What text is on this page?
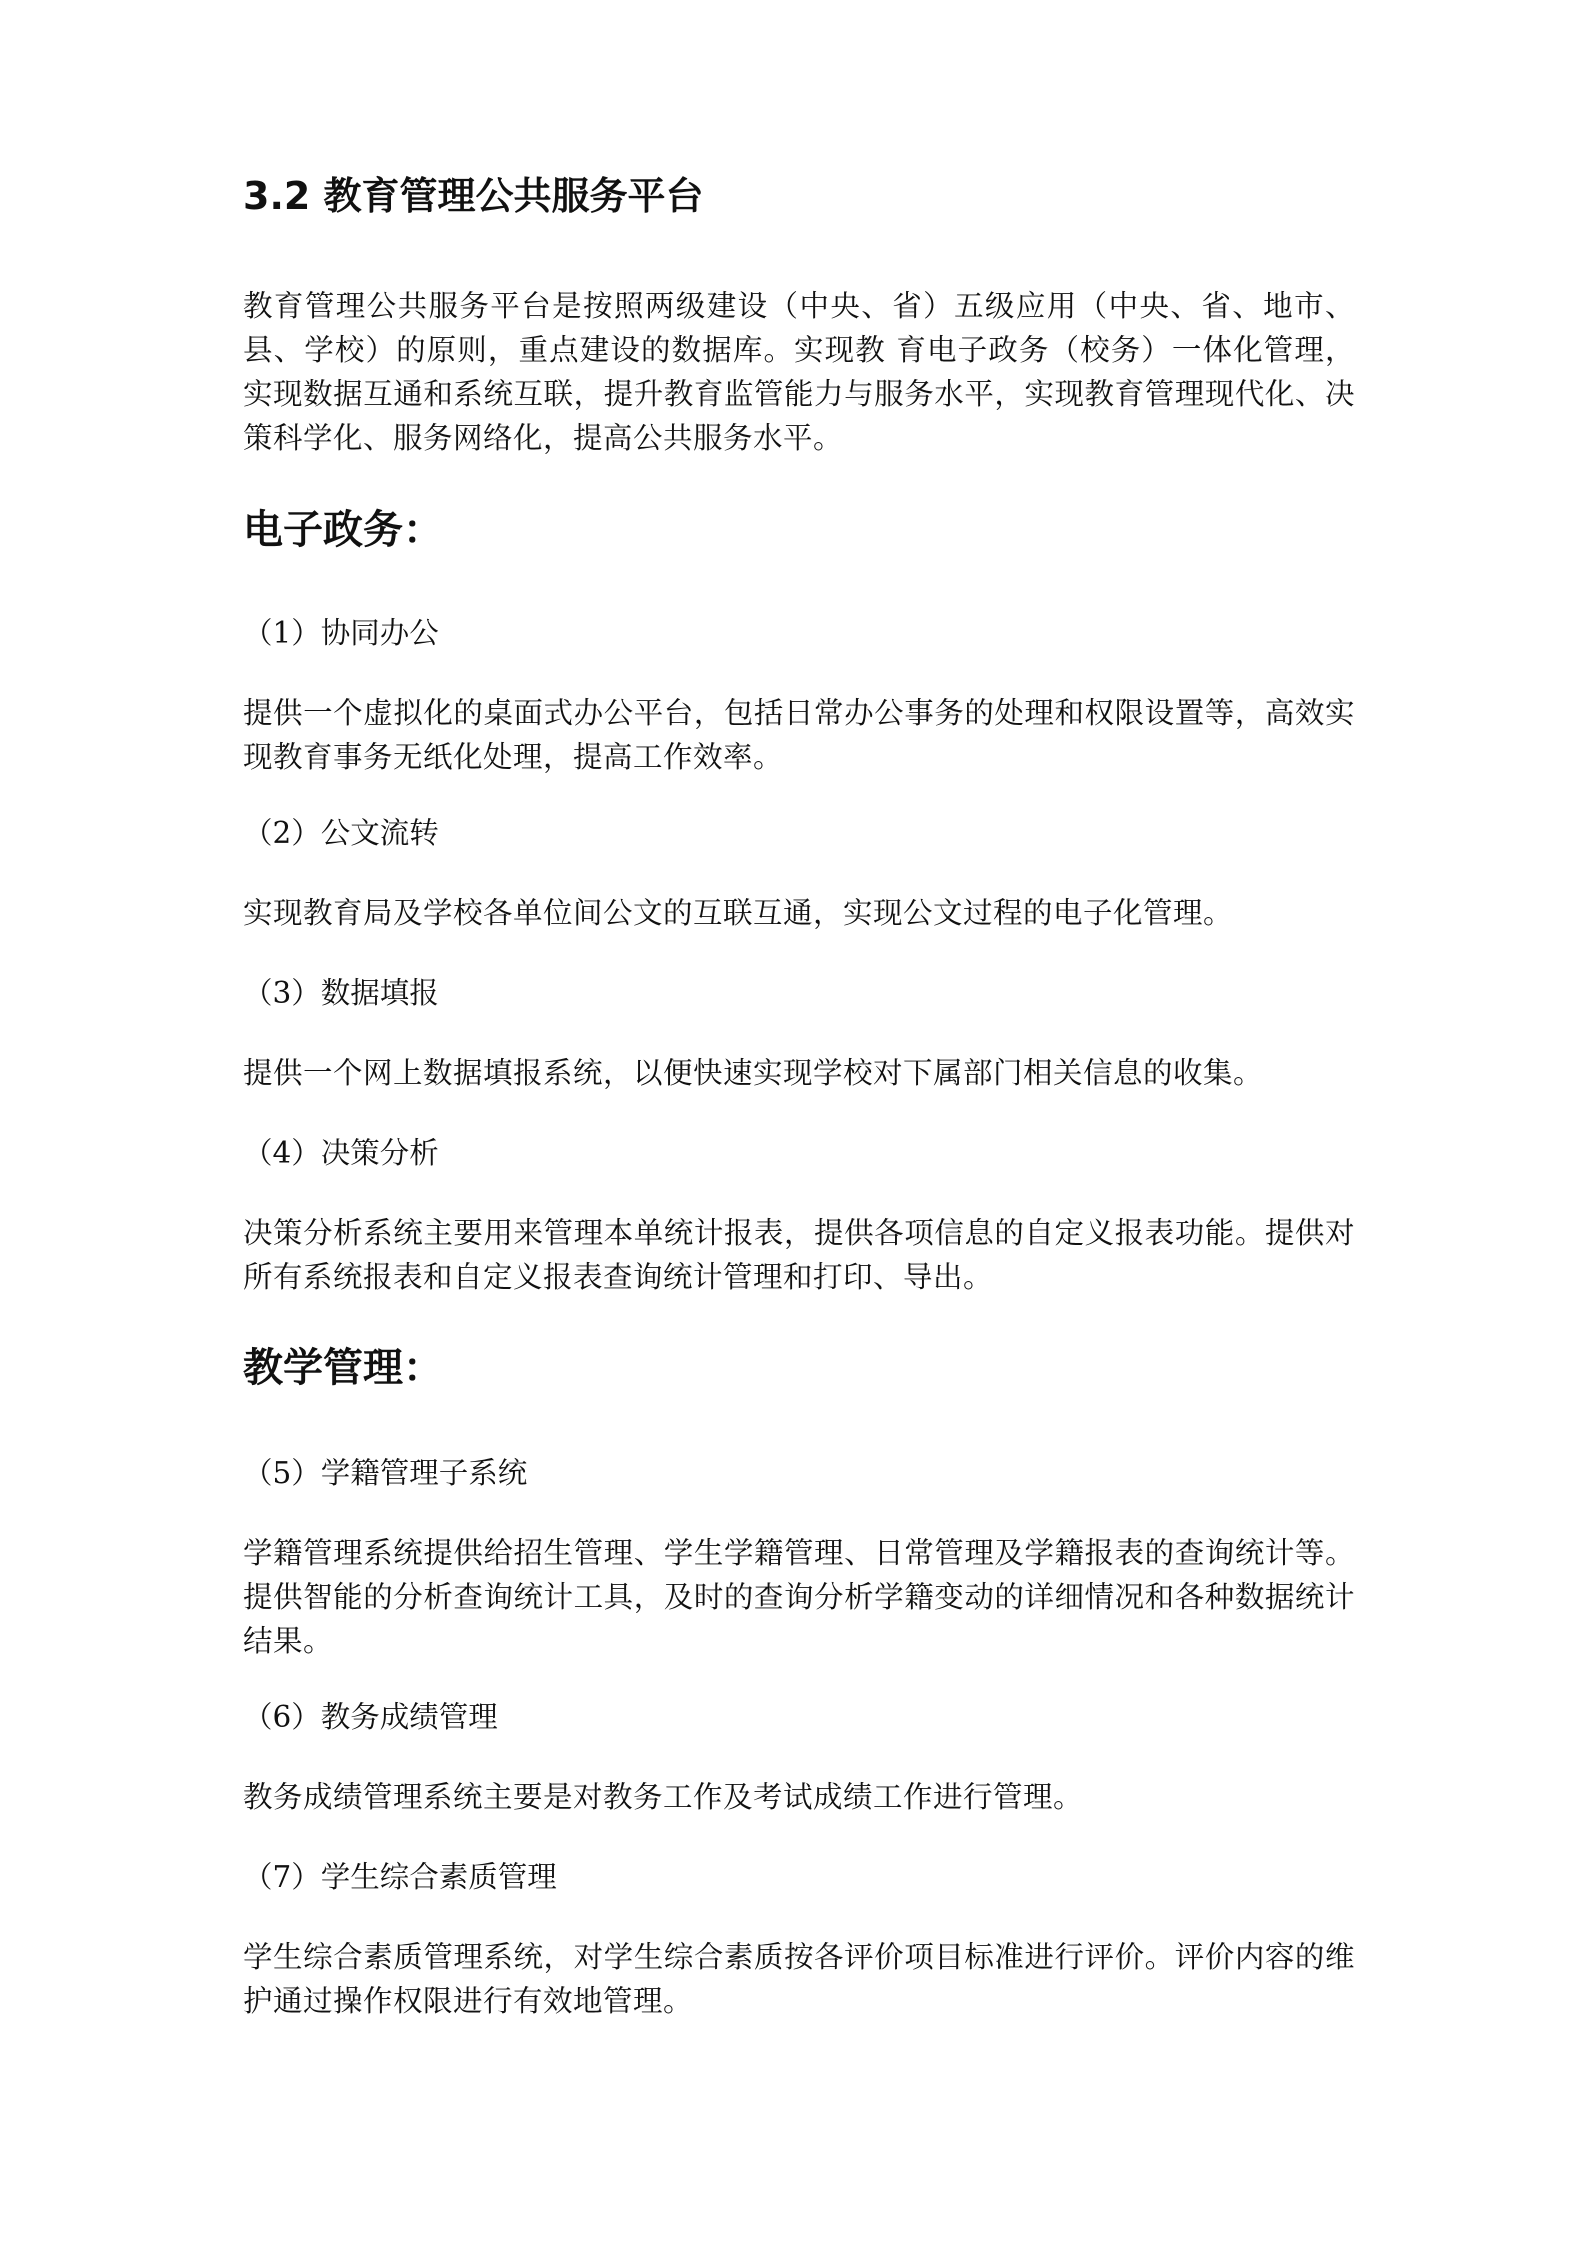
3.2 教育管理公共服务平台

教育管理公共服务平台是按照两级建设（中央、省）五级应用（中央、省、地市、县、学校）的原则，重点建设的数据库。实现教 育电子政务（校务）一体化管理，实现数据互通和系统互联，提升教育监管能力与服务水平，实现教育管理现代化、决策科学化、服务网络化，提高公共服务水平。

电子政务：

（1）协同办公

提供一个虚拟化的桌面式办公平台，包括日常办公事务的处理和权限设置等，高效实现教育事务无纸化处理，提高工作效率。

（2）公文流转

实现教育局及学校各单位间公文的互联互通，实现公文过程的电子化管理。

（3）数据填报

提供一个网上数据填报系统，以便快速实现学校对下属部门相关信息的收集。

（4）决策分析

决策分析系统主要用来管理本单统计报表，提供各项信息的自定义报表功能。提供对所有系统报表和自定义报表查询统计管理和打印、导出。

教学管理：

（5）学籍管理子系统

学籍管理系统提供给招生管理、学生学籍管理、日常管理及学籍报表的查询统计等。提供智能的分析查询统计工具，及时的查询分析学籍变动的详细情况和各种数据统计结果。

（6）教务成绩管理

教务成绩管理系统主要是对教务工作及考试成绩工作进行管理。

（7）学生综合素质管理

学生综合素质管理系统，对学生综合素质按各评价项目标准进行评价。评价内容的维护通过操作权限进行有效地管理。
